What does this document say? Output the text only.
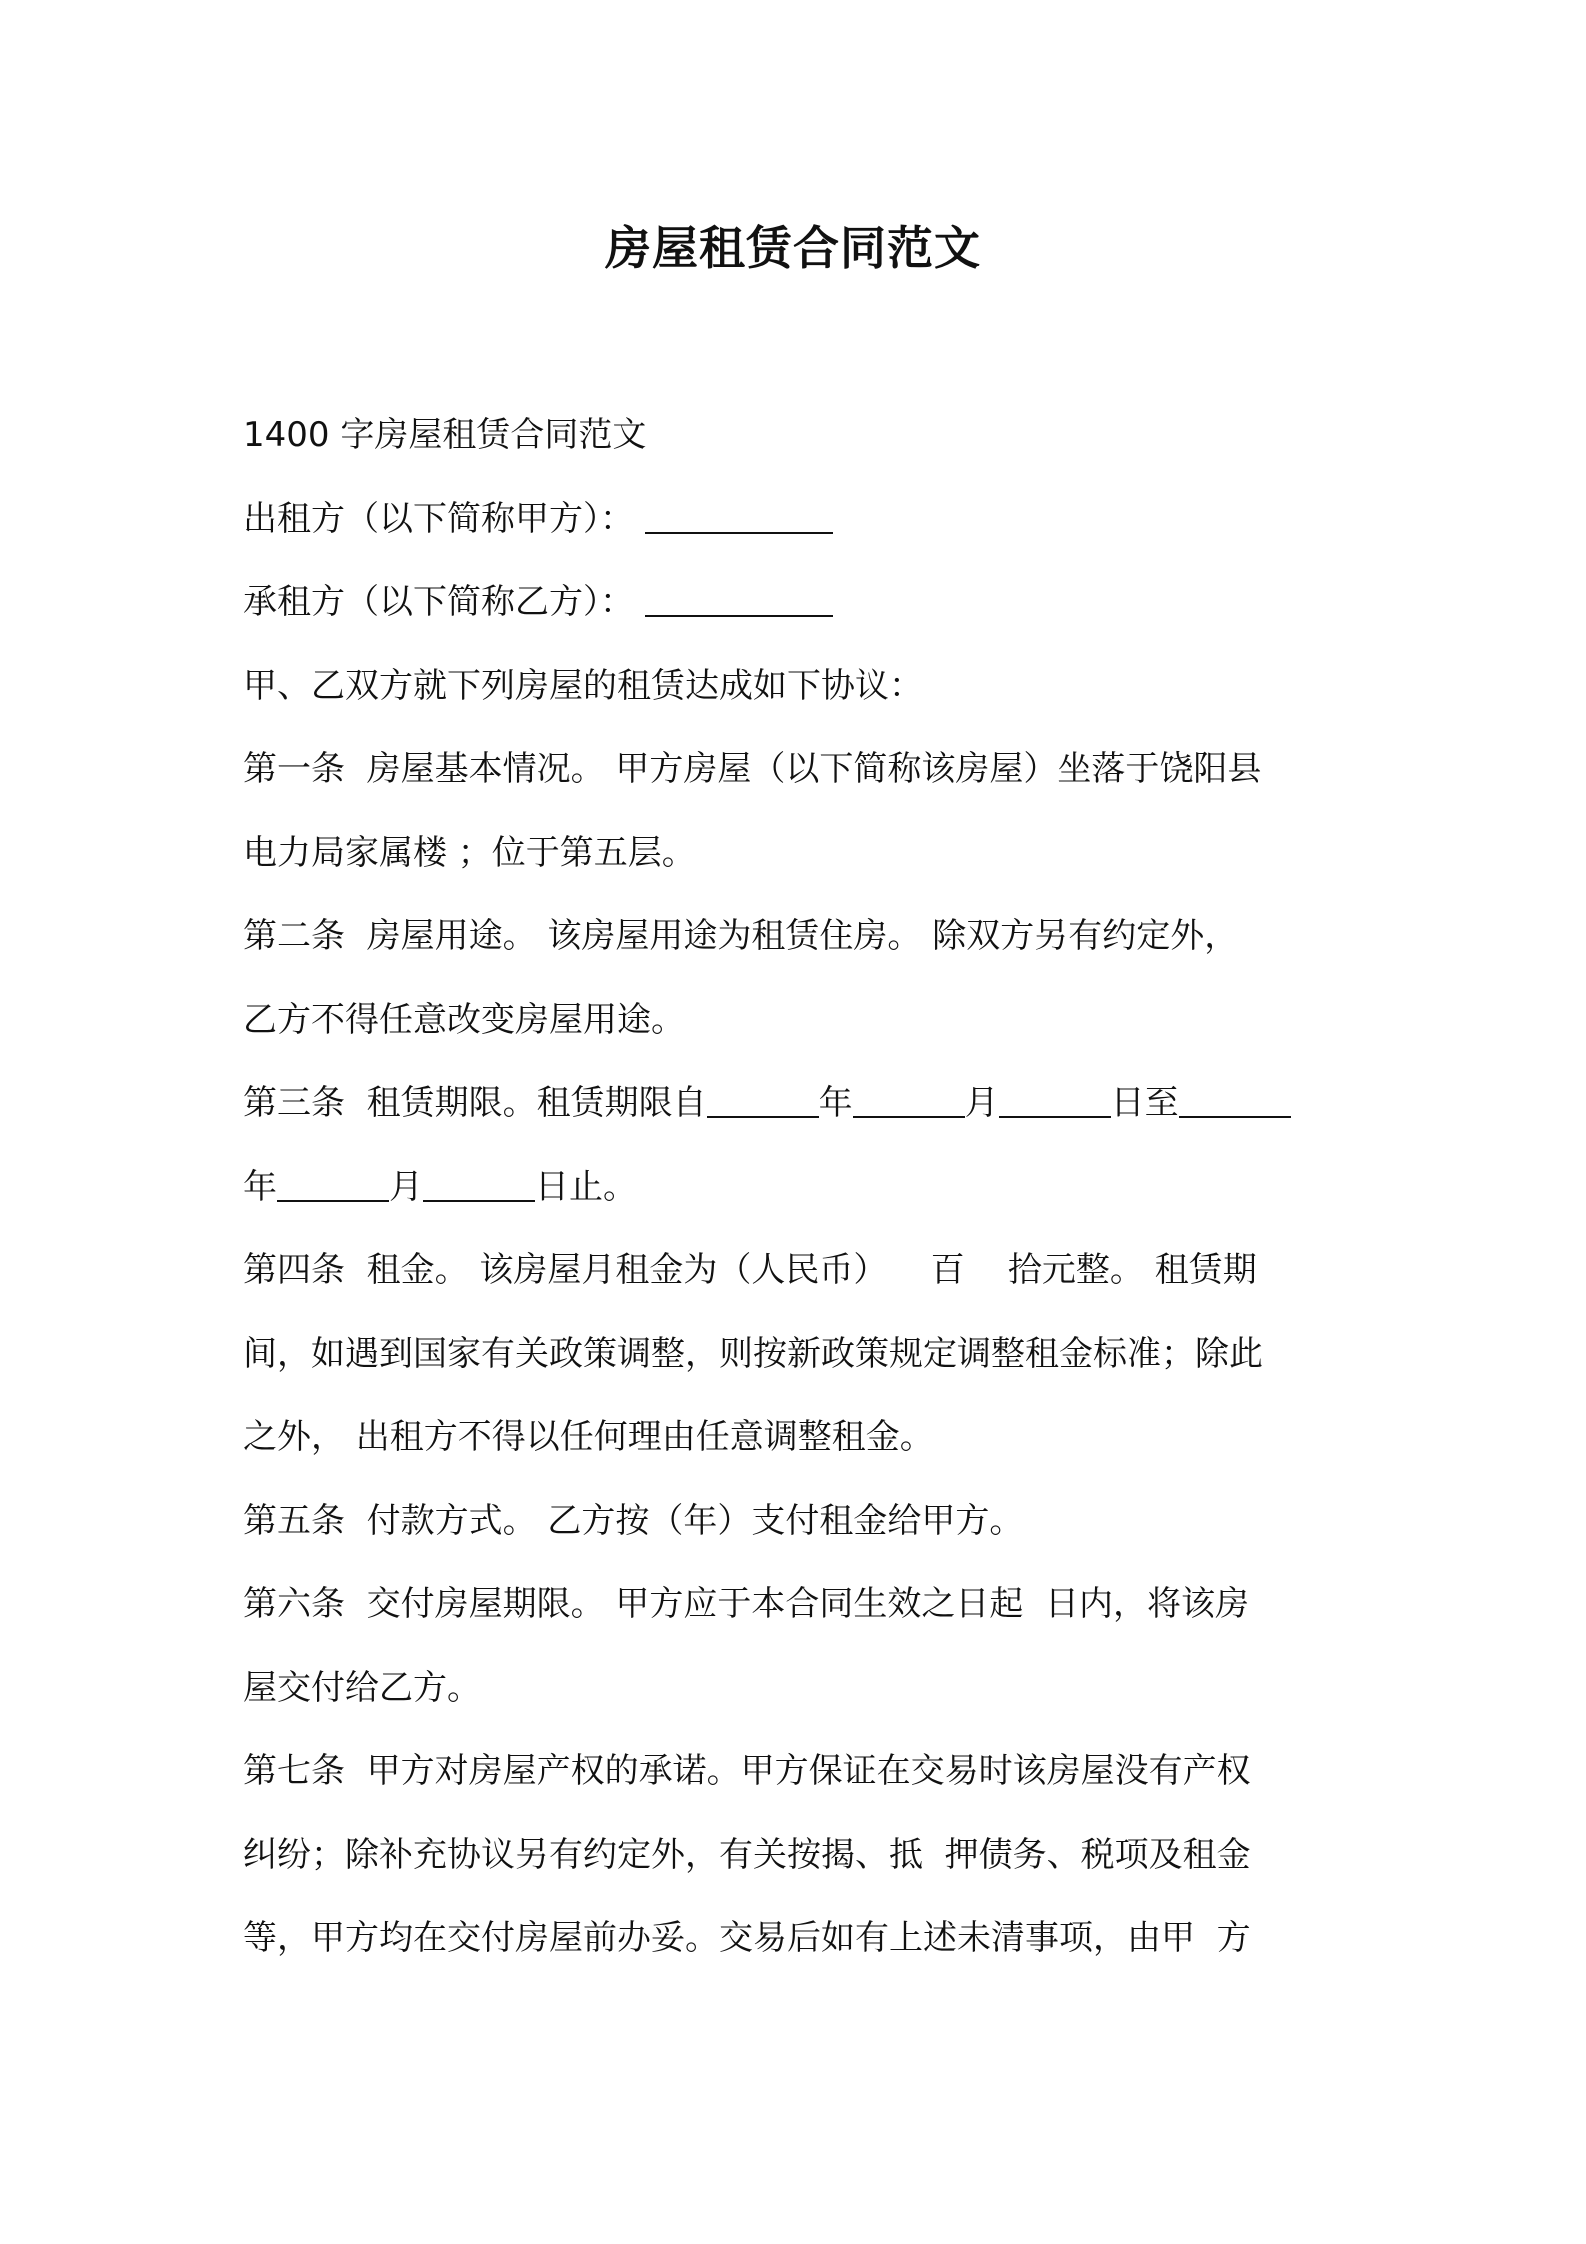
房屋租赁合同范文
1400 字房屋租赁合同范文
出租方（以下简称甲方）：
承租方（以下简称乙方）：
甲、乙双方就下列房屋的租赁达成如下协议：
第一条  房屋基本情况。 甲方房屋（以下简称该房屋）坐落于饶阳县
电力局家属楼 ；位于第五层。
第二条  房屋用途。 该房屋用途为租赁住房。 除双方另有约定外，
乙方不得任意改变房屋用途。
第三条  租赁期限。租赁期限自	年	月	日至
年	月	日止。
第四条  租金。 该房屋月租金为（人民币）    百    拾元整。 租赁期
间，如遇到国家有关政策调整，则按新政策规定调整租金标准；除此
之外， 出租方不得以任何理由任意调整租金。
第五条  付款方式。 乙方按（年）支付租金给甲方。
第六条  交付房屋期限。 甲方应于本合同生效之日起  日内，将该房
屋交付给乙方。
第七条  甲方对房屋产权的承诺。甲方保证在交易时该房屋没有产权
纠纷；除补充协议另有约定外，有关按揭、抵  押债务、税项及租金
等，甲方均在交付房屋前办妥。交易后如有上述未清事项，由甲  方
